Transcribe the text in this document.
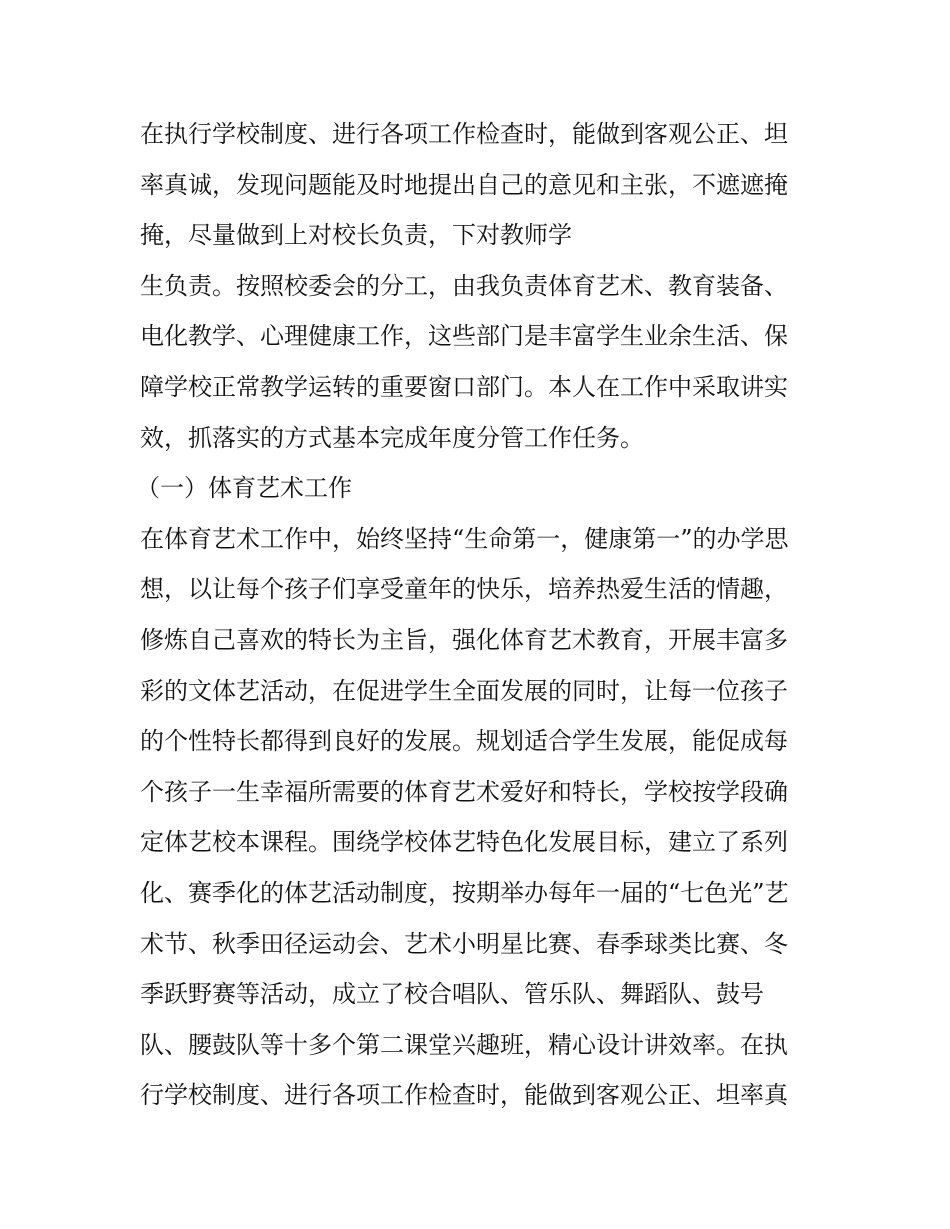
在执行学校制度、进行各项工作检查时，能做到客观公正、坦
率真诚，发现问题能及时地提出自己的意见和主张，不遮遮掩
掩，尽量做到上对校长负责，下对教师学
生负责。按照校委会的分工，由我负责体育艺术、教育装备、
电化教学、心理健康工作，这些部门是丰富学生业余生活、保
障学校正常教学运转的重要窗口部门。本人在工作中采取讲实
效，抓落实的方式基本完成年度分管工作任务。
（一）体育艺术工作
在体育艺术工作中，始终坚持“生命第一，健康第一”的办学思
想，以让每个孩子们享受童年的快乐，培养热爱生活的情趣，
修炼自己喜欢的特长为主旨，强化体育艺术教育，开展丰富多
彩的文体艺活动，在促进学生全面发展的同时，让每一位孩子
的个性特长都得到良好的发展。规划适合学生发展，能促成每
个孩子一生幸福所需要的体育艺术爱好和特长，学校按学段确
定体艺校本课程。围绕学校体艺特色化发展目标，建立了系列
化、赛季化的体艺活动制度，按期举办每年一届的“七色光”艺
术节、秋季田径运动会、艺术小明星比赛、春季球类比赛、冬
季跃野赛等活动，成立了校合唱队、管乐队、舞蹈队、鼓号
队、腰鼓队等十多个第二课堂兴趣班，精心设计讲效率。在执
行学校制度、进行各项工作检查时，能做到客观公正、坦率真
